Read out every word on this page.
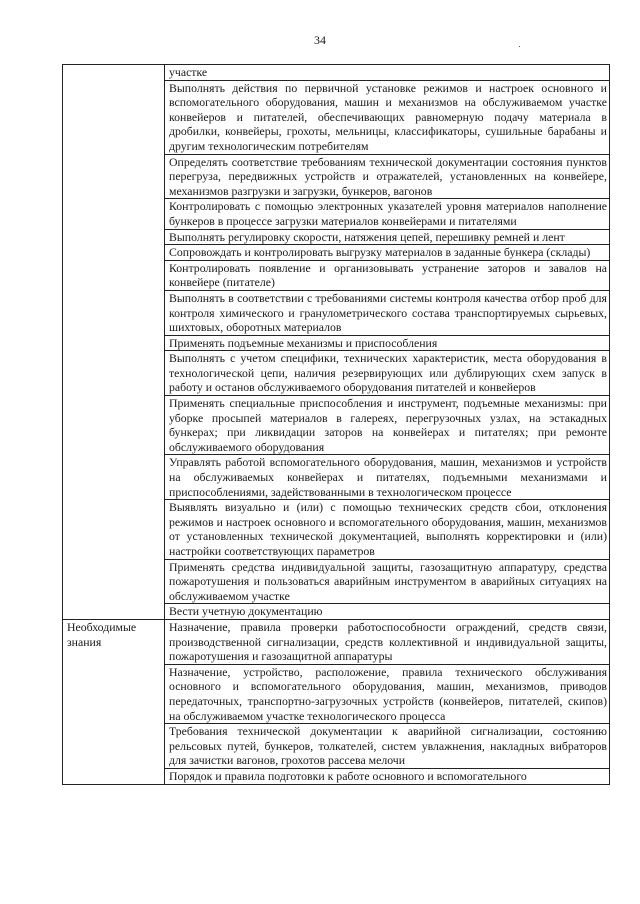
34
	участке
	Выполнять действия по первичной установке режимов и настроек основного и вспомогательного оборудования, машин и механизмов на обслуживаемом участке конвейеров и питателей, обеспечивающих равномерную подачу материала в дробилки, конвейеры, грохоты, мельницы, классификаторы, сушильные барабаны и другим технологическим потребителям
	Определять соответствие требованиям технической документации состояния пунктов перегруза, передвижных устройств и отражателей, установленных на конвейере, механизмов разгрузки и загрузки, бункеров, вагонов
	Контролировать с помощью электронных указателей уровня материалов наполнение бункеров в процессе загрузки материалов конвейерами и питателями
	Выполнять регулировку скорости, натяжения цепей, перешивку ремней и лент
	Сопровождать и контролировать выгрузку материалов в заданные бункера (склады)
	Контролировать появление и организовывать устранение заторов и завалов на конвейере (питателе)
	Выполнять в соответствии с требованиями системы контроля качества отбор проб для контроля химического и гранулометрического состава транспортируемых сырьевых, шихтовых, оборотных материалов
	Применять подъемные механизмы и приспособления
	Выполнять с учетом специфики, технических характеристик, места оборудования в технологической цепи, наличия резервирующих или дублирующих схем запуск в работу и останов обслуживаемого оборудования питателей и конвейеров
	Применять специальные приспособления и инструмент, подъемные механизмы: при уборке просыпей материалов в галереях, перегрузочных узлах, на эстакадных бункерах; при ликвидации заторов на конвейерах и питателях; при ремонте обслуживаемого оборудования
	Управлять работой вспомогательного оборудования, машин, механизмов и устройств на обслуживаемых конвейерах и питателях, подъемными механизмами и приспособлениями, задействованными в технологическом процессе
	Выявлять визуально и (или) с помощью технических средств сбои, отклонения режимов и настроек основного и вспомогательного оборудования, машин, механизмов от установленных технической документацией, выполнять корректировки и (или) настройки соответствующих параметров
	Применять средства индивидуальной защиты, газозащитную аппаратуру, средства пожаротушения и пользоваться аварийным инструментом в аварийных ситуациях на обслуживаемом участке
	Вести учетную документацию
Необходимые знания	Назначение, правила проверки работоспособности ограждений, средств связи, производственной сигнализации, средств коллективной и индивидуальной защиты, пожаротушения и газозащитной аппаратуры
	Назначение, устройство, расположение, правила технического обслуживания основного и вспомогательного оборудования, машин, механизмов, приводов передаточных, транспортно-загрузочных устройств (конвейеров, питателей, скипов) на обслуживаемом участке технологического процесса
	Требования технической документации к аварийной сигнализации, состоянию рельсовых путей, бункеров, толкателей, систем увлажнения, накладных вибраторов для зачистки вагонов, грохотов рассева мелочи
	Порядок и правила подготовки к работе основного и вспомогательного
